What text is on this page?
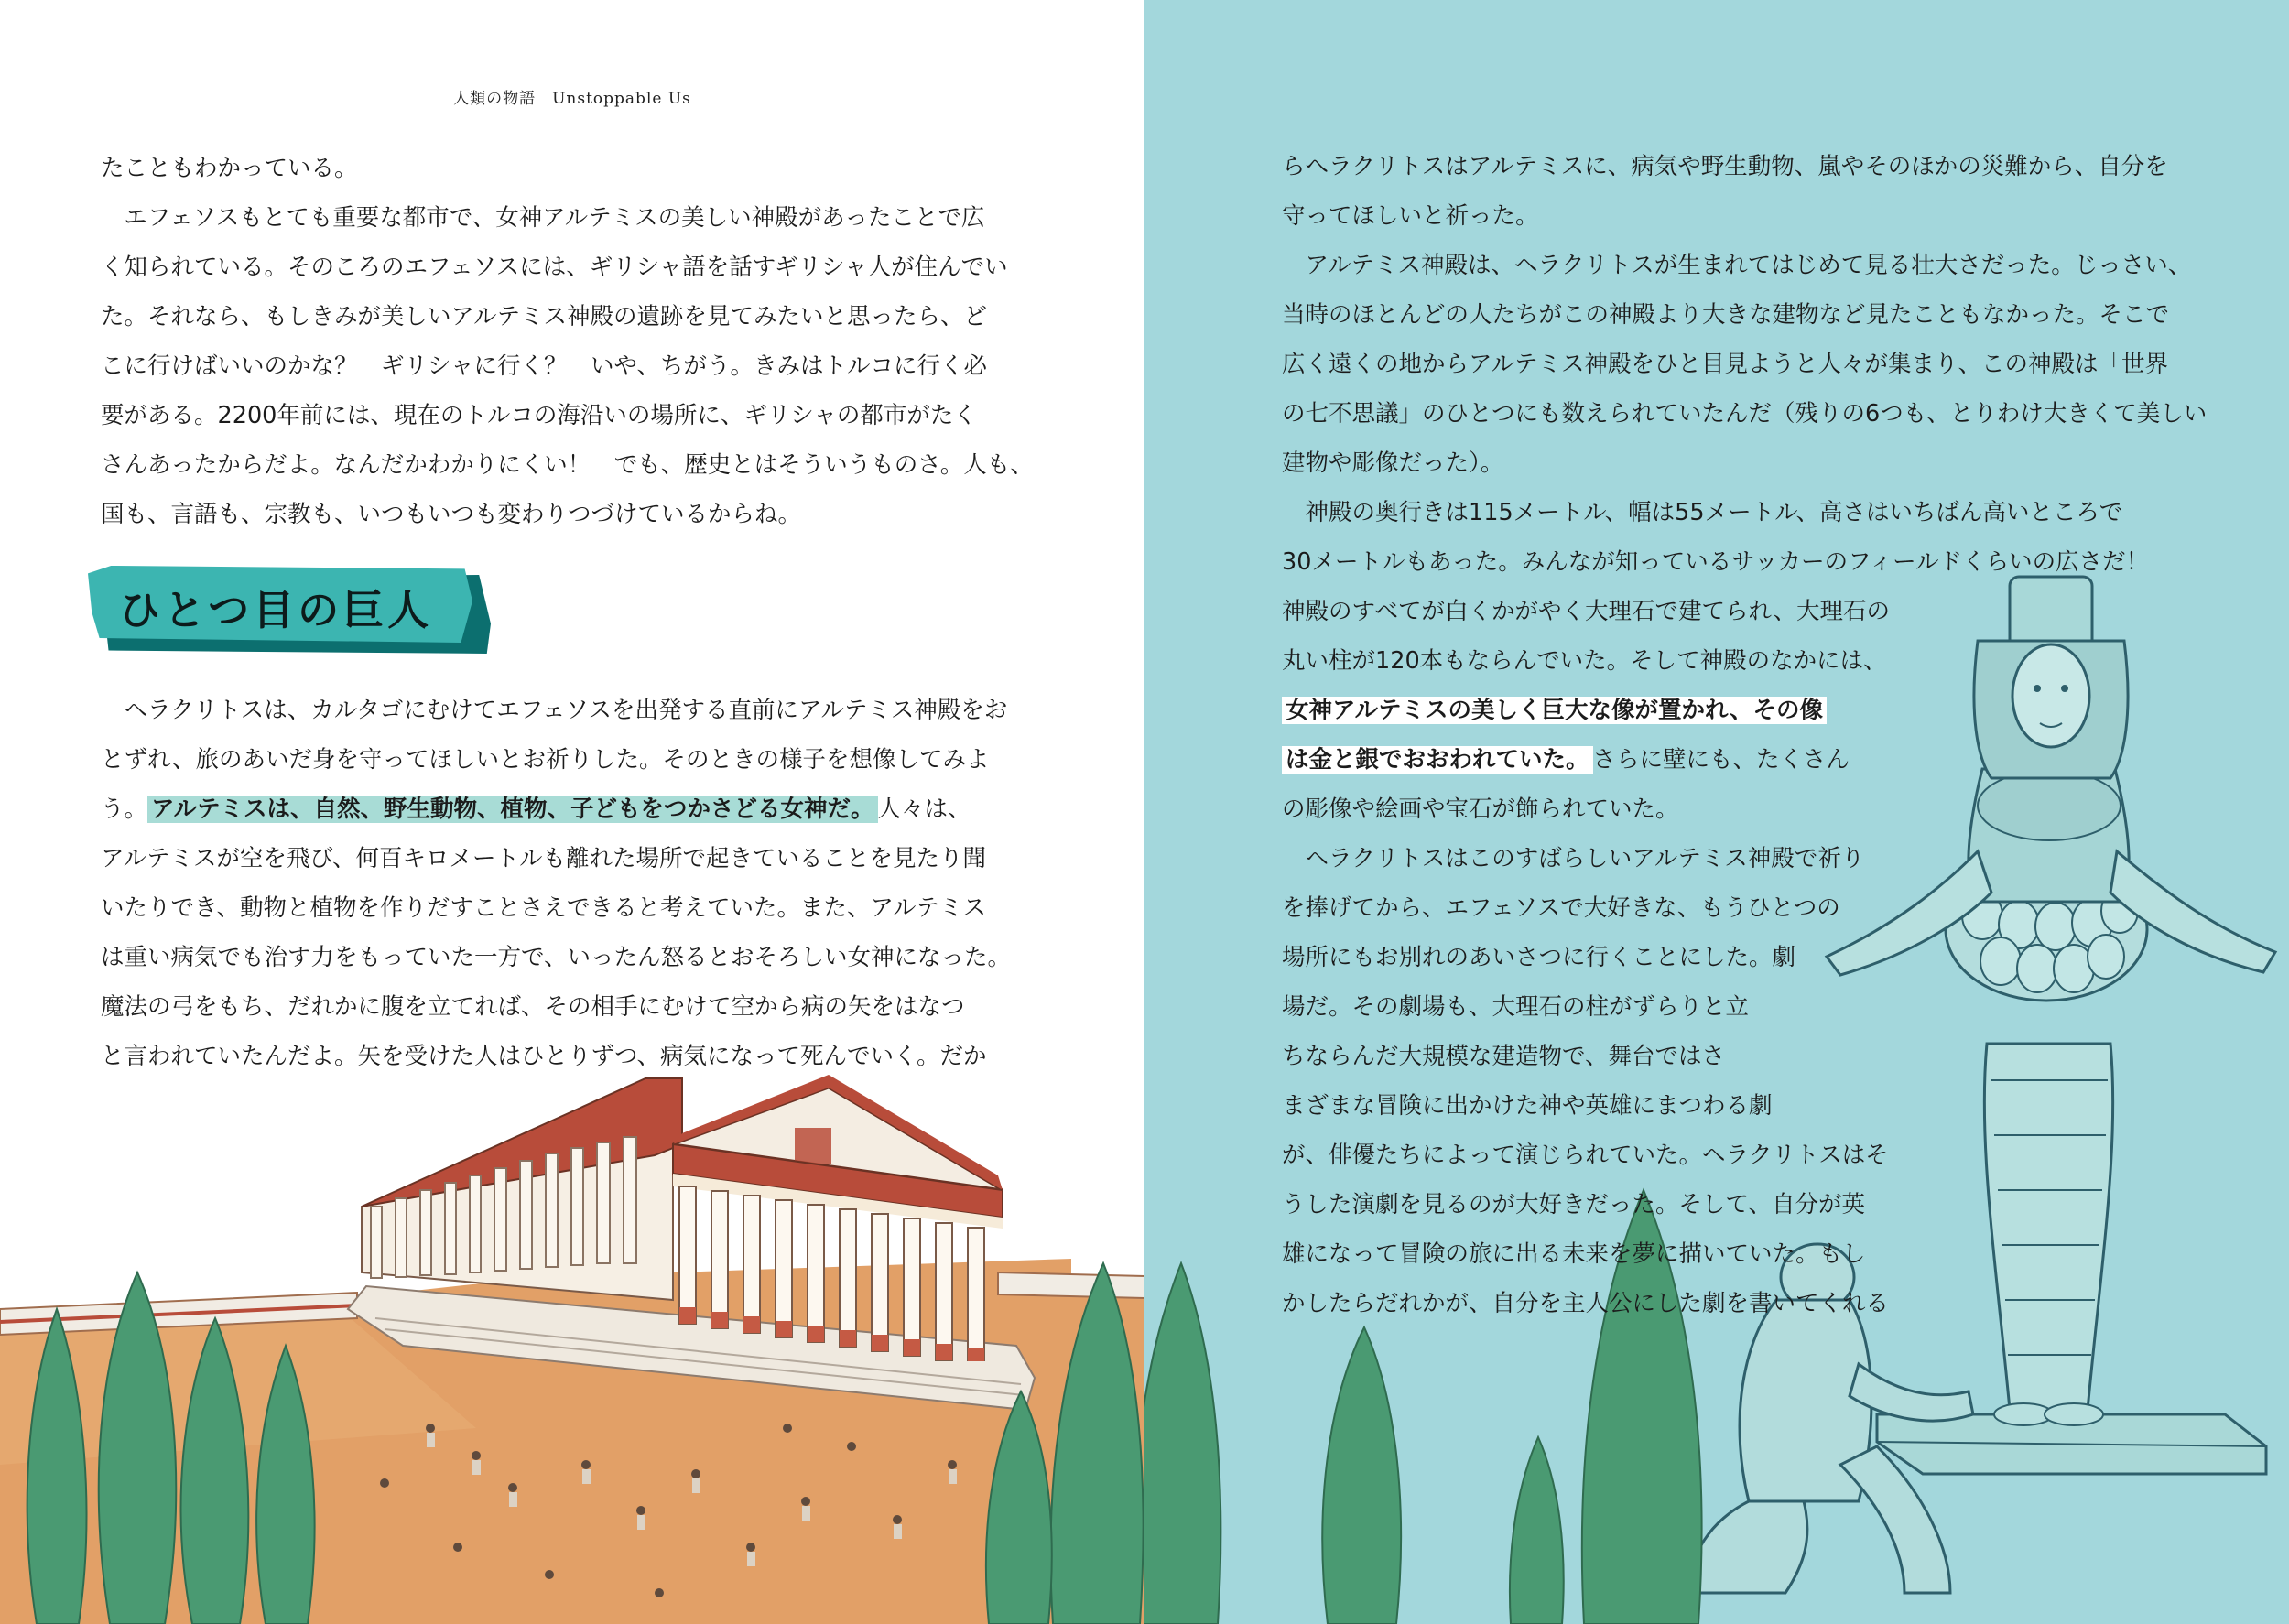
人類の物語　Unstoppable Us
たこともわかっている。
　エフェソスもとても重要な都市で、女神アルテミスの美しい神殿があったことで広
く知られている。そのころのエフェソスには、ギリシャ語を話すギリシャ人が住んでい
た。それなら、もしきみが美しいアルテミス神殿の遺跡を見てみたいと思ったら、ど
こに行けばいいのかな？　ギリシャに行く？　いや、ちがう。きみはトルコに行く必
要がある。2200年前には、現在のトルコの海沿いの場所に、ギリシャの都市がたく
さんあったからだよ。なんだかわかりにくい！　でも、歴史とはそういうものさ。人も、
国も、言語も、宗教も、いつもいつも変わりつづけているからね。
ひとつ目の巨人
　ヘラクリトスは、カルタゴにむけてエフェソスを出発する直前にアルテミス神殿をお
とずれ、旅のあいだ身を守ってほしいとお祈りした。そのときの様子を想像してみよ
う。 アルテミスは、自然、野生動物、植物、子どもをつかさどる女神だ。 人々は、
アルテミスが空を飛び、何百キロメートルも離れた場所で起きていることを見たり聞
いたりでき、動物と植物を作りだすことさえできると考えていた。また、アルテミス
は重い病気でも治す力をもっていた一方で、いったん怒るとおそろしい女神になった。
魔法の弓をもち、だれかに腹を立てれば、その相手にむけて空から病の矢をはなつ
と言われていたんだよ。矢を受けた人はひとりずつ、病気になって死んでいく。だか
らへラクリトスはアルテミスに、病気や野生動物、嵐やそのほかの災難から、自分を
守ってほしいと祈った。
　アルテミス神殿は、ヘラクリトスが生まれてはじめて見る壮大さだった。じっさい、
当時のほとんどの人たちがこの神殿より大きな建物など見たこともなかった。そこで
広く遠くの地からアルテミス神殿をひと目見ようと人々が集まり、この神殿は「世界
の七不思議」のひとつにも数えられていたんだ（残りの6つも、とりわけ大きくて美しい
建物や彫像だった）。
　神殿の奥行きは115メートル、幅は55メートル、高さはいちばん高いところで
30メートルもあった。みんなが知っているサッカーのフィールドくらいの広さだ！
神殿のすべてが白くかがやく大理石で建てられ、大理石の
丸い柱が120本もならんでいた。そして神殿のなかには、
女神アルテミスの美しく巨大な像が置かれ、その像
は金と銀でおおわれていた。 さらに壁にも、たくさん
の彫像や絵画や宝石が飾られていた。
　ヘラクリトスはこのすばらしいアルテミス神殿で祈り
を捧げてから、エフェソスで大好きな、もうひとつの
場所にもお別れのあいさつに行くことにした。劇
場だ。その劇場も、大理石の柱がずらりと立
ちならんだ大規模な建造物で、舞台ではさ
まざまな冒険に出かけた神や英雄にまつわる劇
が、俳優たちによって演じられていた。ヘラクリトスはそ
うした演劇を見るのが大好きだった。そして、自分が英
雄になって冒険の旅に出る未来を夢に描いていた。もし
かしたらだれかが、自分を主人公にした劇を書いてくれる
